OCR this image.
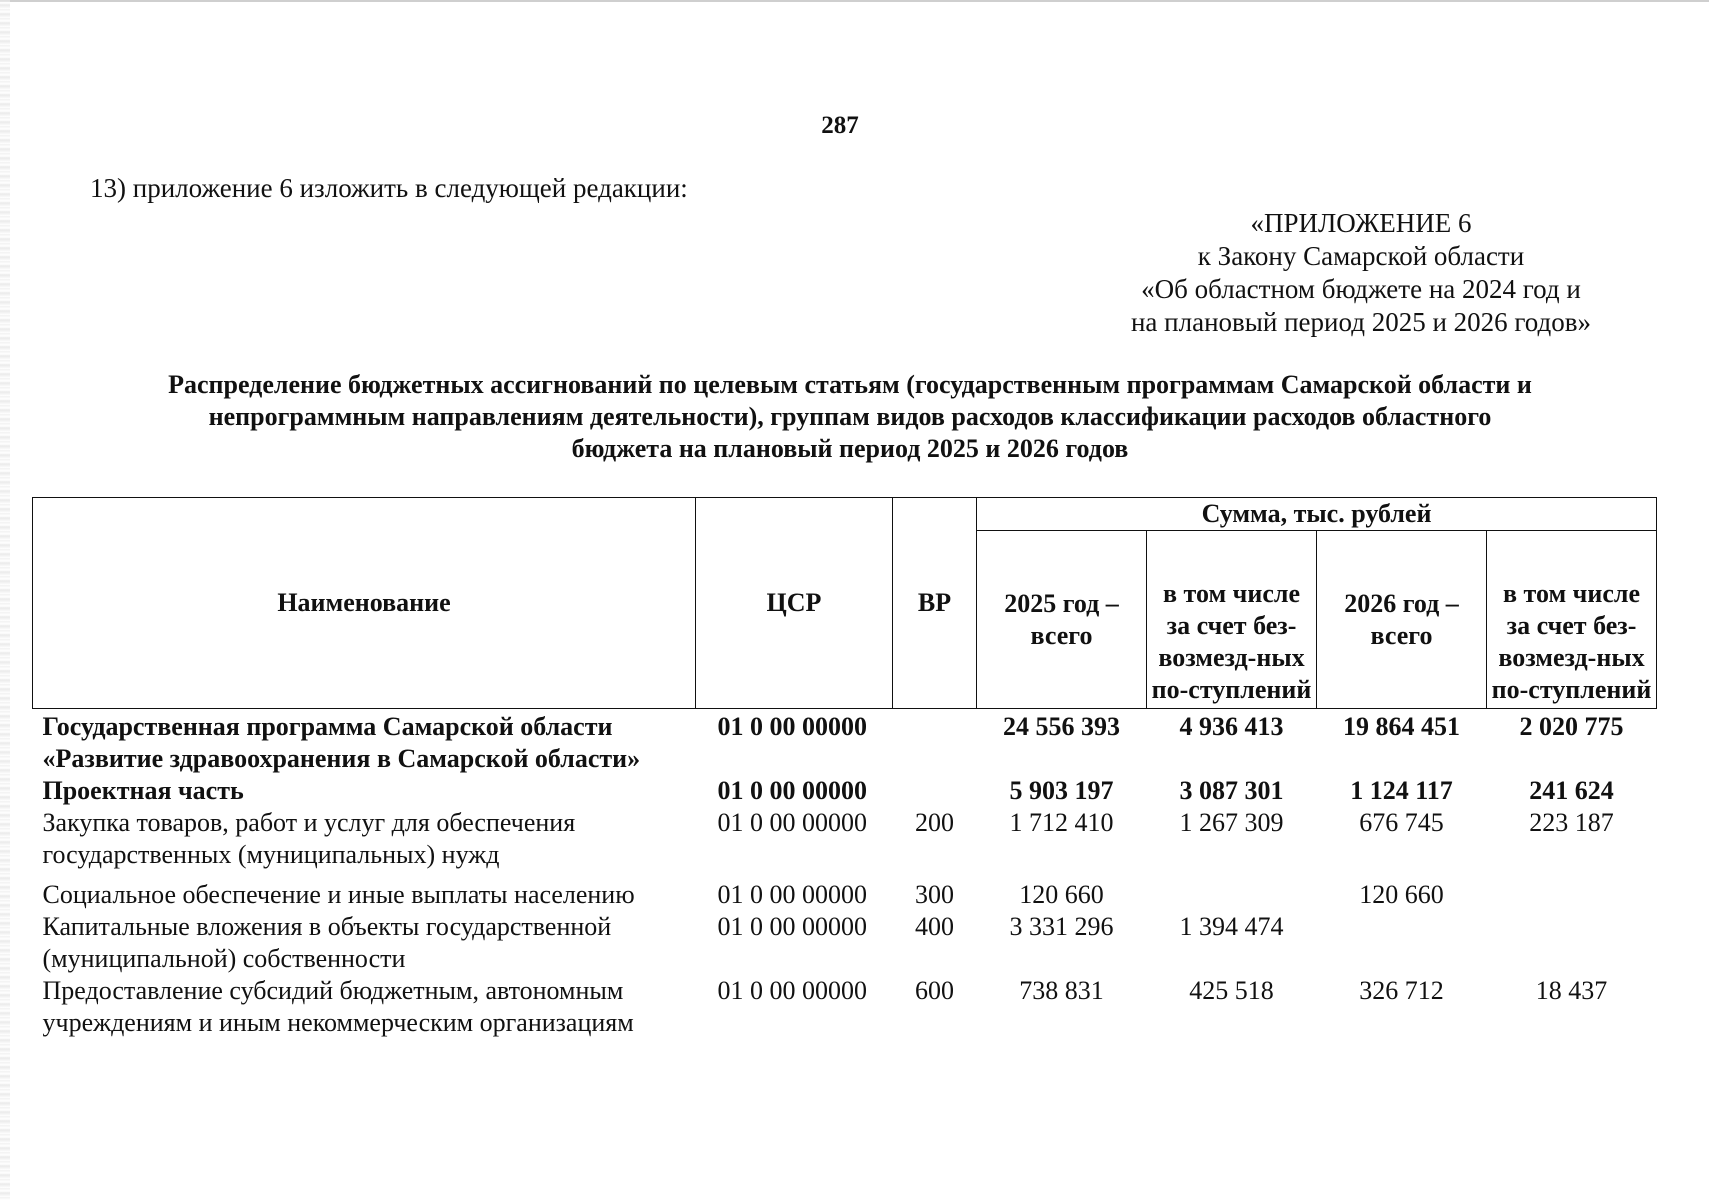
287
13) приложение 6 изложить в следующей редакции:
«ПРИЛОЖЕНИЕ 6
к Закону Самарской области
«Об областном бюджете на 2024 год и
на плановый период 2025 и 2026 годов»
Распределение бюджетных ассигнований по целевым статьям (государственным программам Самарской области и
непрограммным направлениям деятельности), группам видов расходов классификации расходов областного
бюджета на плановый период 2025 и 2026 годов
Наименование	ЦСР	ВР	Сумма, тыс. рублей			
			2025 год – всего	в том числе за счет без-возмезд-ных по-ступлений	2026 год – всего	в том числе за счет без-возмезд-ных по-ступлений
Государственная программа Самарской области «Развитие здравоохранения в Самарской области»	01 0 00 00000		24 556 393	4 936 413	19 864 451	2 020 775
Проектная часть	01 0 00 00000		5 903 197	3 087 301	1 124 117	241 624
Закупка товаров, работ и услуг для обеспечения государственных (муниципальных) нужд	01 0 00 00000	200	1 712 410	1 267 309	676 745	223 187
Социальное обеспечение и иные выплаты населению	01 0 00 00000	300	120 660		120 660	
Капитальные вложения в объекты государственной (муниципальной) собственности	01 0 00 00000	400	3 331 296	1 394 474		
Предоставление субсидий бюджетным, автономным учреждениям и иным некоммерческим организациям	01 0 00 00000	600	738 831	425 518	326 712	18 437
